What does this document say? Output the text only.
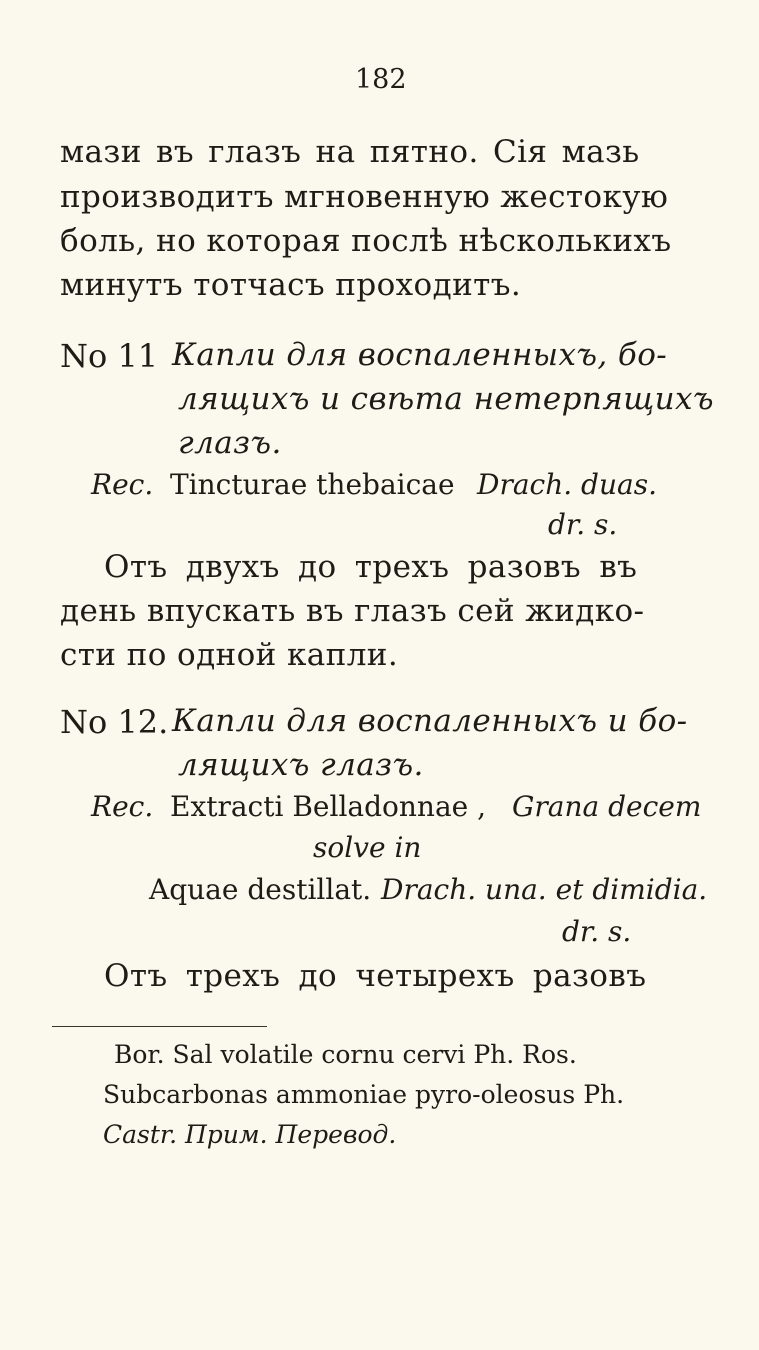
182
мази въ глазъ на пятно. Сія мазь
производитъ мгновенную жестокую
боль, но которая послѣ нѣсколькихъ
минутъ тотчасъ проходитъ.
No 11 Капли для воспаленныхъ, бо-
лящихъ и свѣта нетерпящихъ
глазъ.
Rec. Tincturae thebaicae Drach. duas.
dr. s.
Отъ двухъ до трехъ разовъ въ
день впускать въ глазъ сей жидко-
сти по одной капли.
No 12. Капли для воспаленныхъ и бо-
лящихъ глазъ.
Rec. Extracti Belladonnae , Grana decem
solve in
Aquae destillat. Drach. una. et dimidia.
dr. s.
Отъ трехъ до четырехъ разовъ
Bor. Sal volatile cornu cervi Ph. Ros.
Subcarbonas ammoniae pyro-oleosus Ph.
Castr. Прим. Перевод.
